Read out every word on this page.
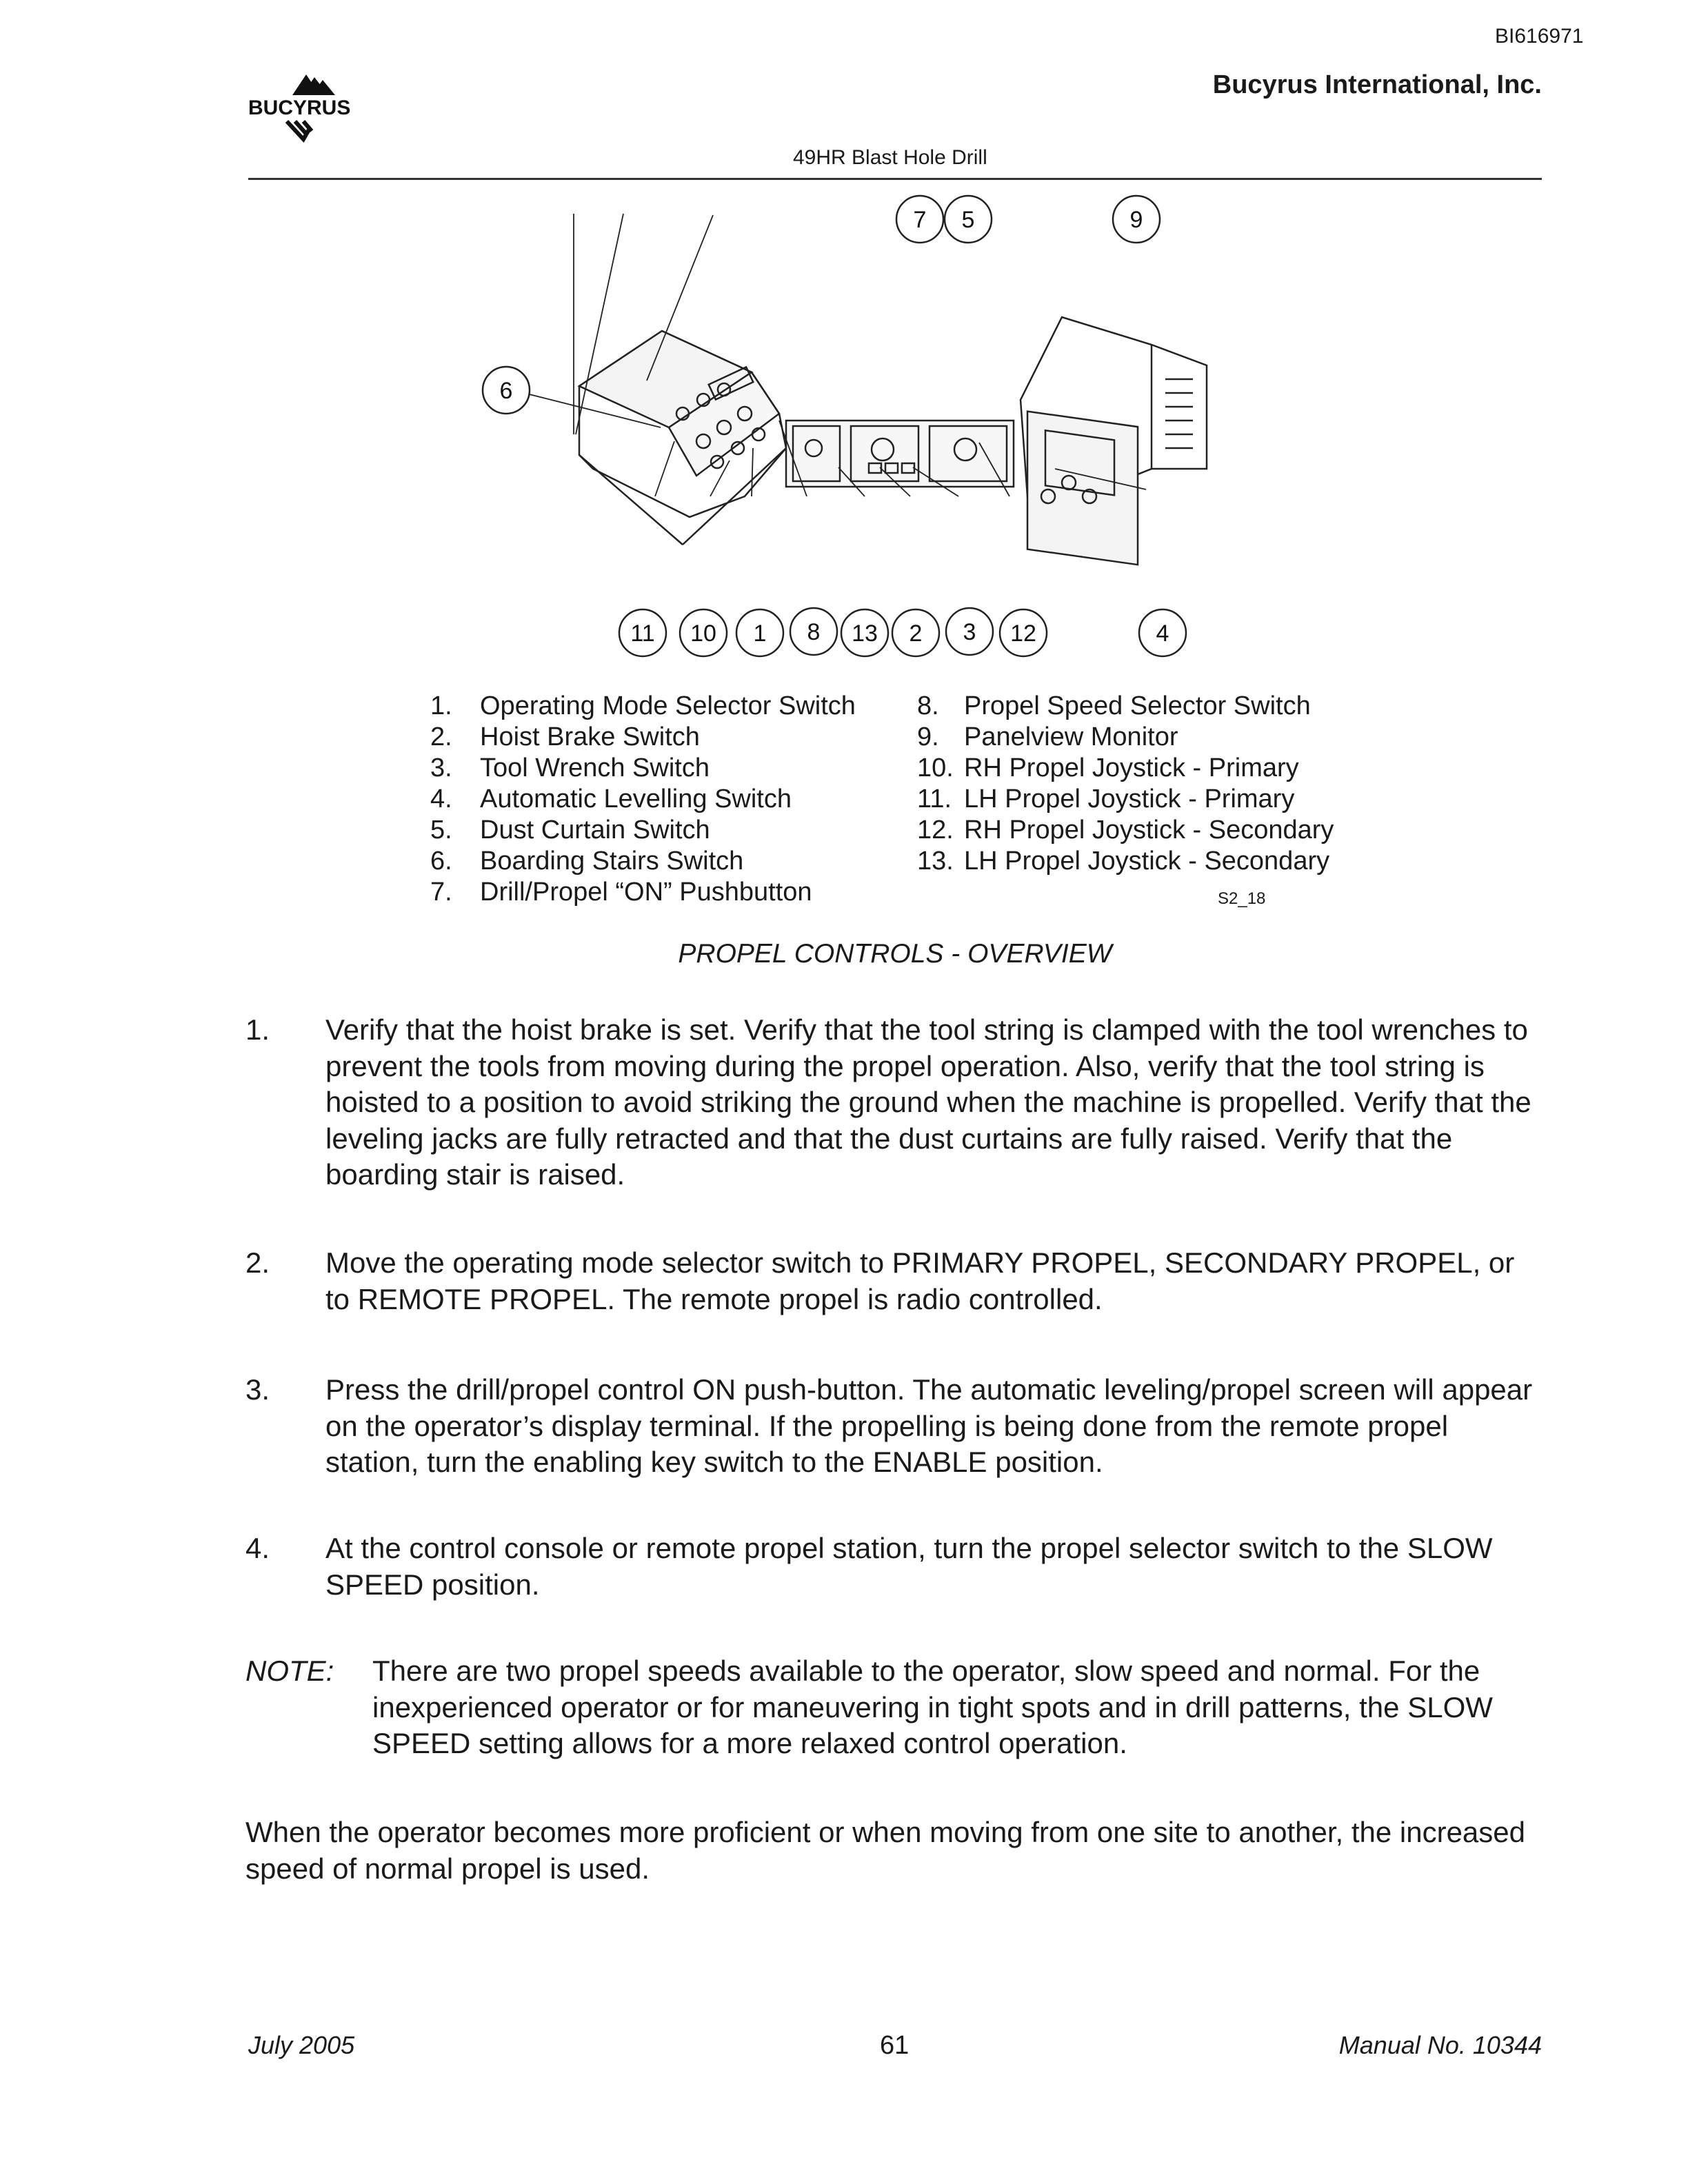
BI616971
BUCYRUS
Bucyrus International, Inc.
49HR Blast Hole Drill
7 5	9
6
11 10 1 8 13 2 3 12	4
1.	Operating Mode Selector Switch
2.	Hoist Brake Switch
3.	Tool Wrench Switch
4.	Automatic Levelling Switch
5.	Dust Curtain Switch
6.	Boarding Stairs Switch
7.	Drill/Propel “ON” Pushbutton
8. Propel Speed Selector Switch
9. Panelview Monitor
10. RH Propel Joystick - Primary
11. LH Propel Joystick - Primary
12. RH Propel Joystick - Secondary
13. LH Propel Joystick - Secondary
S2_18
PROPEL CONTROLS - OVERVIEW
1. Verify that the hoist brake is set. Verify that the tool string is clamped with the tool wrenches to prevent the tools from moving during the propel operation. Also, verify that the tool string is hoisted to a position to avoid striking the ground when the machine is propelled. Verify that the leveling jacks are fully retracted and that the dust curtains are fully raised. Verify that the boarding stair is raised.
2. Move the operating mode selector switch to PRIMARY PROPEL, SECONDARY PROPEL, or to REMOTE PROPEL. The remote propel is radio controlled.
3. Press the drill/propel control ON push-button. The automatic leveling/propel screen will appear on the operator’s display terminal. If the propelling is being done from the remote propel station, turn the enabling key switch to the ENABLE position.
4. At the control console or remote propel station, turn the propel selector switch to the SLOW SPEED position.
NOTE: There are two propel speeds available to the operator, slow speed and normal. For the inexperienced operator or for maneuvering in tight spots and in drill patterns, the SLOW SPEED setting allows for a more relaxed control operation.
When the operator becomes more proficient or when moving from one site to another, the increased speed of normal propel is used.
July 2005	61	Manual No. 10344
